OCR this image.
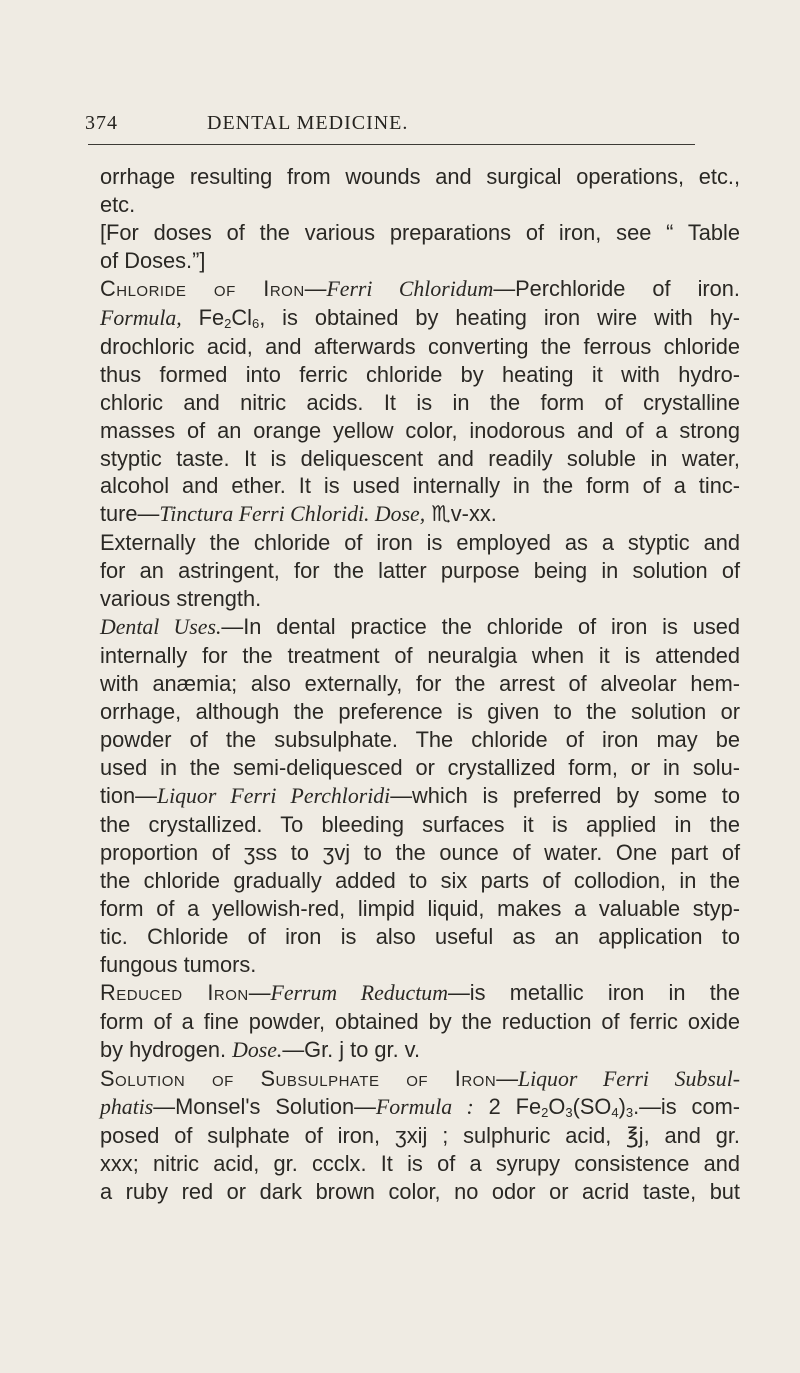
374	DENTAL MEDICINE.
orrhage resulting from wounds and surgical operations, etc.,
etc.
[For doses of the various preparations of iron, see “ Table
of Doses.”]
Chloride of Iron—Ferri Chloridum—Perchloride of iron.
Formula, $Fe_2Cl_6$, is obtained by heating iron wire with hy-
drochloric acid, and afterwards converting the ferrous chloride
thus formed into ferric chloride by heating it with hydro-
chloric and nitric acids. It is in the form of crystalline
masses of an orange yellow color, inodorous and of a strong
styptic taste. It is deliquescent and readily soluble in water,
alcohol and ether. It is used internally in the form of a tinc-
ture—Tinctura Ferri Chloridi. Dose, ♏v-xx.
Externally the chloride of iron is employed as a styptic and
for an astringent, for the latter purpose being in solution of
various strength.
Dental Uses.—In dental practice the chloride of iron is used
internally for the treatment of neuralgia when it is attended
with anæmia; also externally, for the arrest of alveolar hem-
orrhage, although the preference is given to the solution or
powder of the subsulphate. The chloride of iron may be
used in the semi-deliquesced or crystallized form, or in solu-
tion—Liquor Ferri Perchloridi—which is preferred by some to
the crystallized. To bleeding surfaces it is applied in the
proportion of ʒss to ʒvj to the ounce of water. One part of
the chloride gradually added to six parts of collodion, in the
form of a yellowish-red, limpid liquid, makes a valuable styp-
tic. Chloride of iron is also useful as an application to
fungous tumors.
Reduced Iron—Ferrum Reductum—is metallic iron in the
form of a fine powder, obtained by the reduction of ferric oxide
by hydrogen. Dose.—Gr. j to gr. v.
Solution of Subsulphate of Iron—Liquor Ferri Subsul-
phatis—Monsel's Solution—Formula : 2 $Fe_2O_3(SO_4)_3.—is$ com-
posed of sulphate of iron, ʒxij ; sulphuric acid, ℥j, and gr.
xxx; nitric acid, gr. ccclx. It is of a syrupy consistence and
a ruby red or dark brown color, no odor or acrid taste, but
